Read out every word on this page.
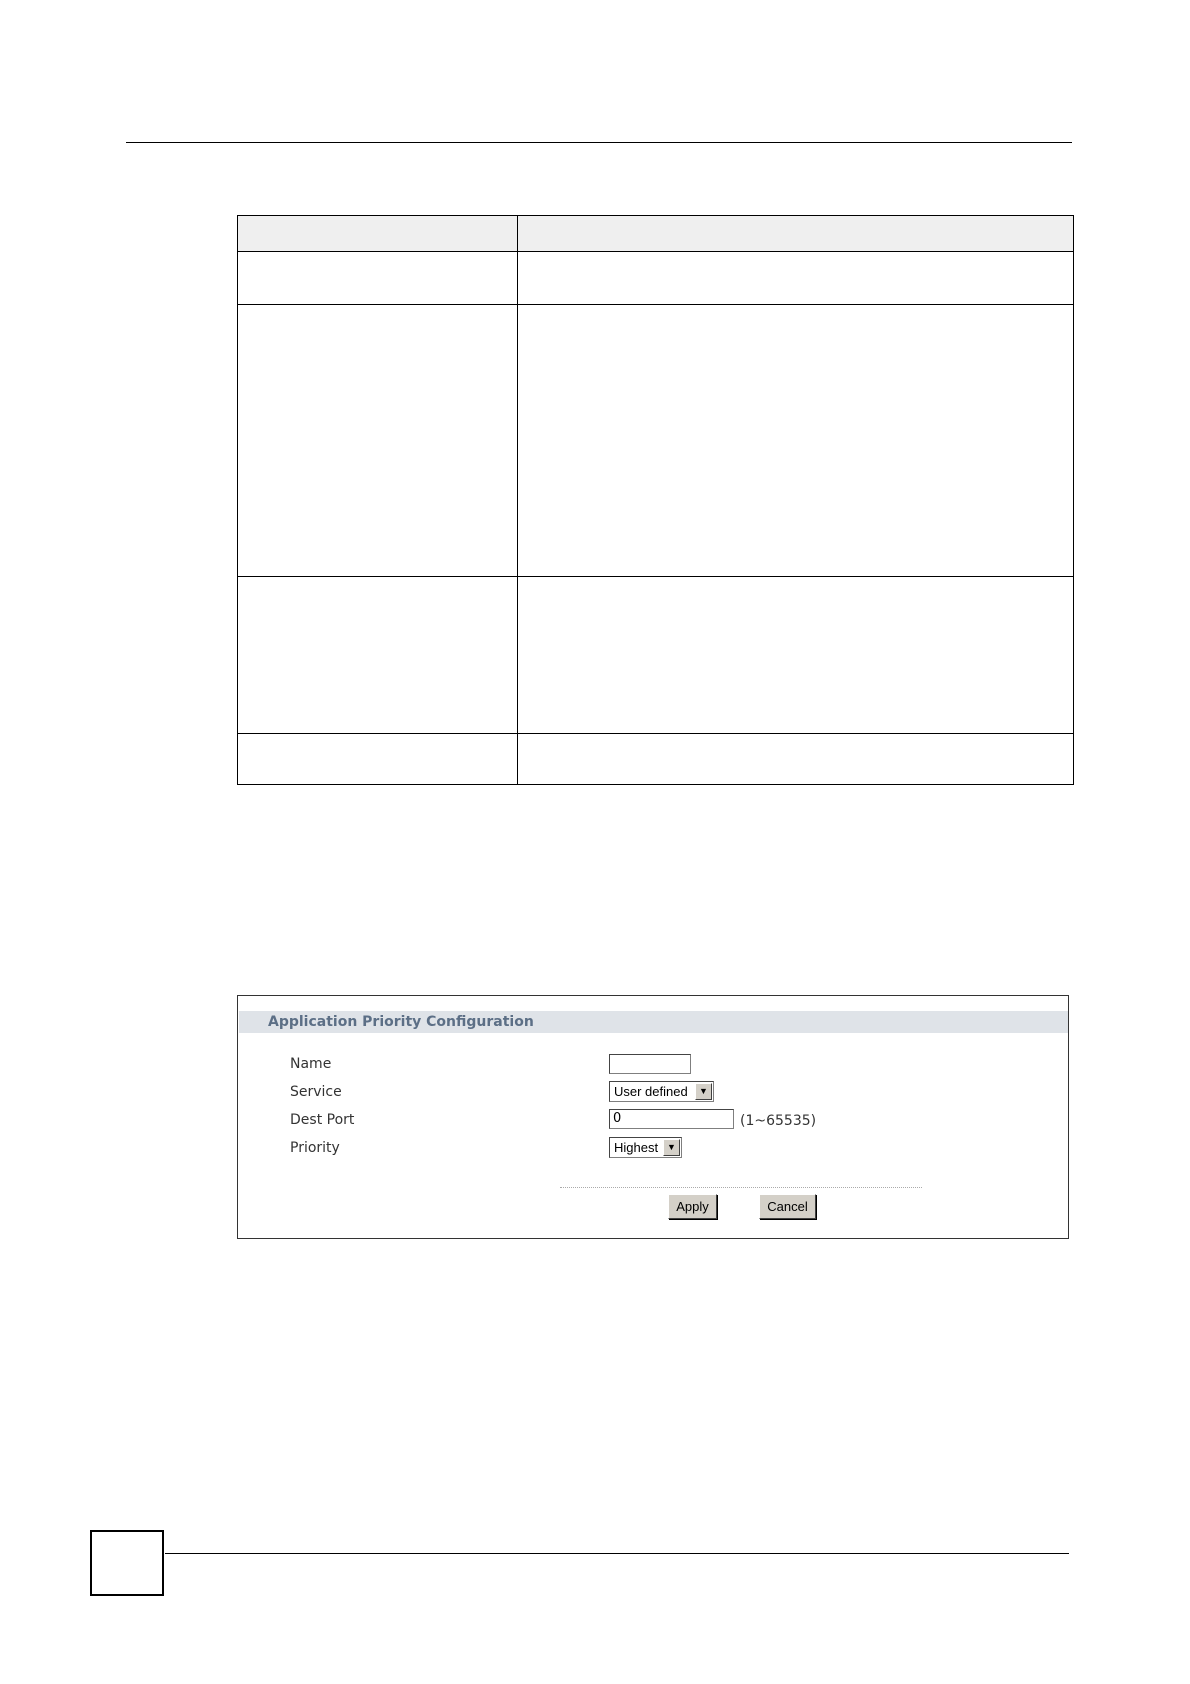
Application Priority Configuration
Name
Service	User defined	▼
Dest Port	0	(1~65535)
Priority	Highest ▼
Apply	Cancel
